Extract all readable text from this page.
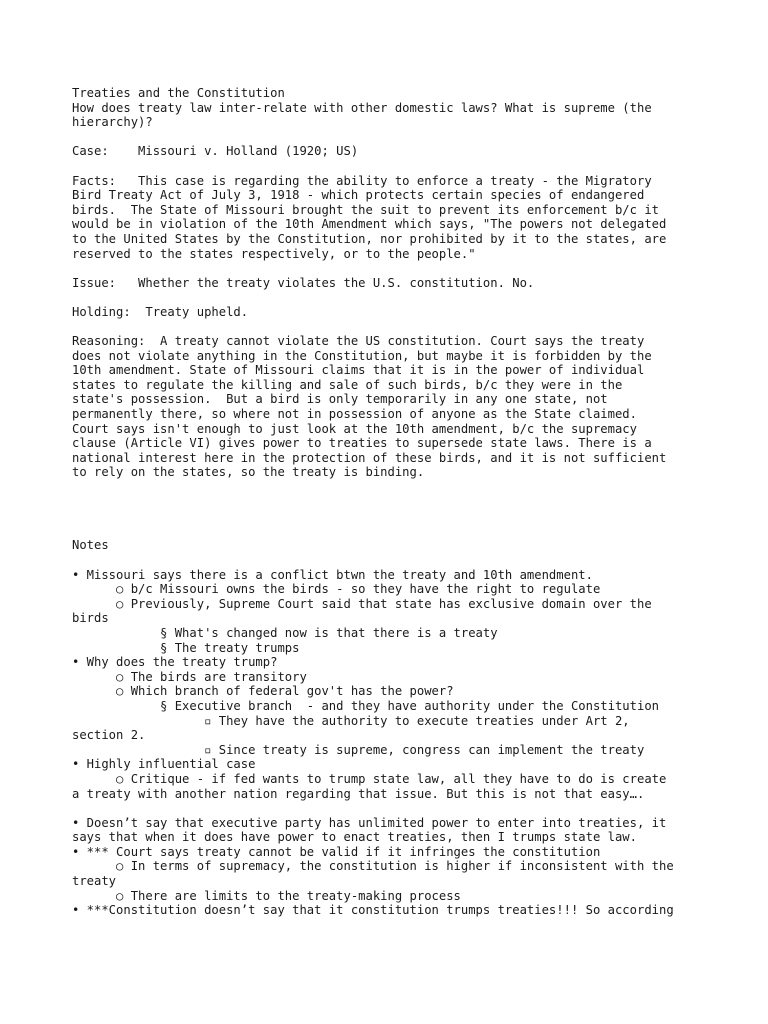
Treaties and the Constitution
How does treaty law inter-relate with other domestic laws? What is supreme (the
hierarchy)?
Case:    Missouri v. Holland (1920; US)
Facts:   This case is regarding the ability to enforce a treaty - the Migratory
Bird Treaty Act of July 3, 1918 - which protects certain species of endangered
birds.  The State of Missouri brought the suit to prevent its enforcement b/c it
would be in violation of the 10th Amendment which says, "The powers not delegated
to the United States by the Constitution, nor prohibited by it to the states, are
reserved to the states respectively, or to the people."
Issue:   Whether the treaty violates the U.S. constitution. No.
Holding:  Treaty upheld.
Reasoning:  A treaty cannot violate the US constitution. Court says the treaty
does not violate anything in the Constitution, but maybe it is forbidden by the
10th amendment. State of Missouri claims that it is in the power of individual
states to regulate the killing and sale of such birds, b/c they were in the
state's possession.  But a bird is only temporarily in any one state, not
permanently there, so where not in possession of anyone as the State claimed.
Court says isn't enough to just look at the 10th amendment, b/c the supremacy
clause (Article VI) gives power to treaties to supersede state laws. There is a
national interest here in the protection of these birds, and it is not sufficient
to rely on the states, so the treaty is binding.
Notes
• Missouri says there is a conflict btwn the treaty and 10th amendment.
○ b/c Missouri owns the birds - so they have the right to regulate
○ Previously, Supreme Court said that state has exclusive domain over the
birds
§ What's changed now is that there is a treaty
§ The treaty trumps
• Why does the treaty trump?
○ The birds are transitory
○ Which branch of federal gov't has the power?
§ Executive branch  - and they have authority under the Constitution
▫ They have the authority to execute treaties under Art 2,
section 2.
▫ Since treaty is supreme, congress can implement the treaty
• Highly influential case
○ Critique - if fed wants to trump state law, all they have to do is create
a treaty with another nation regarding that issue. But this is not that easy….
• Doesn’t say that executive party has unlimited power to enter into treaties, it
says that when it does have power to enact treaties, then I trumps state law.
• *** Court says treaty cannot be valid if it infringes the constitution
○ In terms of supremacy, the constitution is higher if inconsistent with the
treaty
○ There are limits to the treaty-making process
• ***Constitution doesn’t say that it constitution trumps treaties!!! So according
